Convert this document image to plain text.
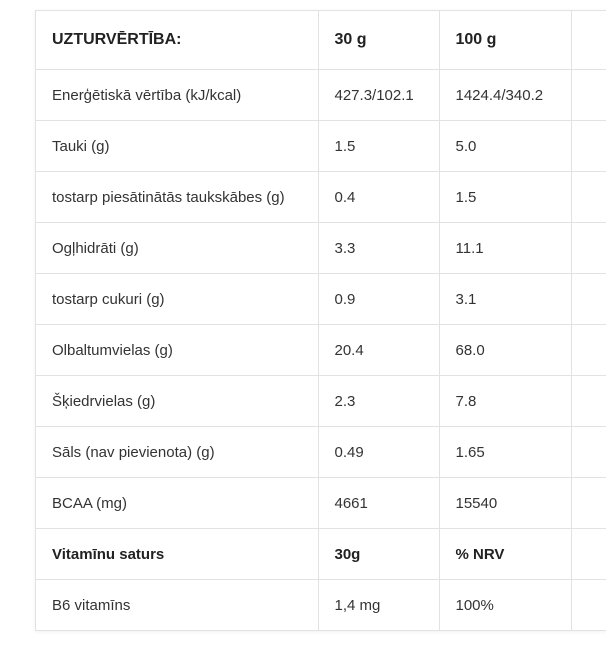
UZTURVĒRTĪBA:	30 g	100 g	
Enerģētiskā vērtība (kJ/kcal)	427.3/102.1	1424.4/340.2	
Tauki (g)	1.5	5.0	
tostarp piesātinātās taukskābes (g)	0.4	1.5	
Ogļhidrāti (g)	3.3	11.1	
tostarp cukuri (g)	0.9	3.1	
Olbaltumvielas (g)	20.4	68.0	
Šķiedrvielas (g)	2.3	7.8	
Sāls (nav pievienota) (g)	0.49	1.65	
BCAA (mg)	4661	15540	
Vitamīnu saturs	30g	% NRV	
B6 vitamīns	1,4 mg	100%	
